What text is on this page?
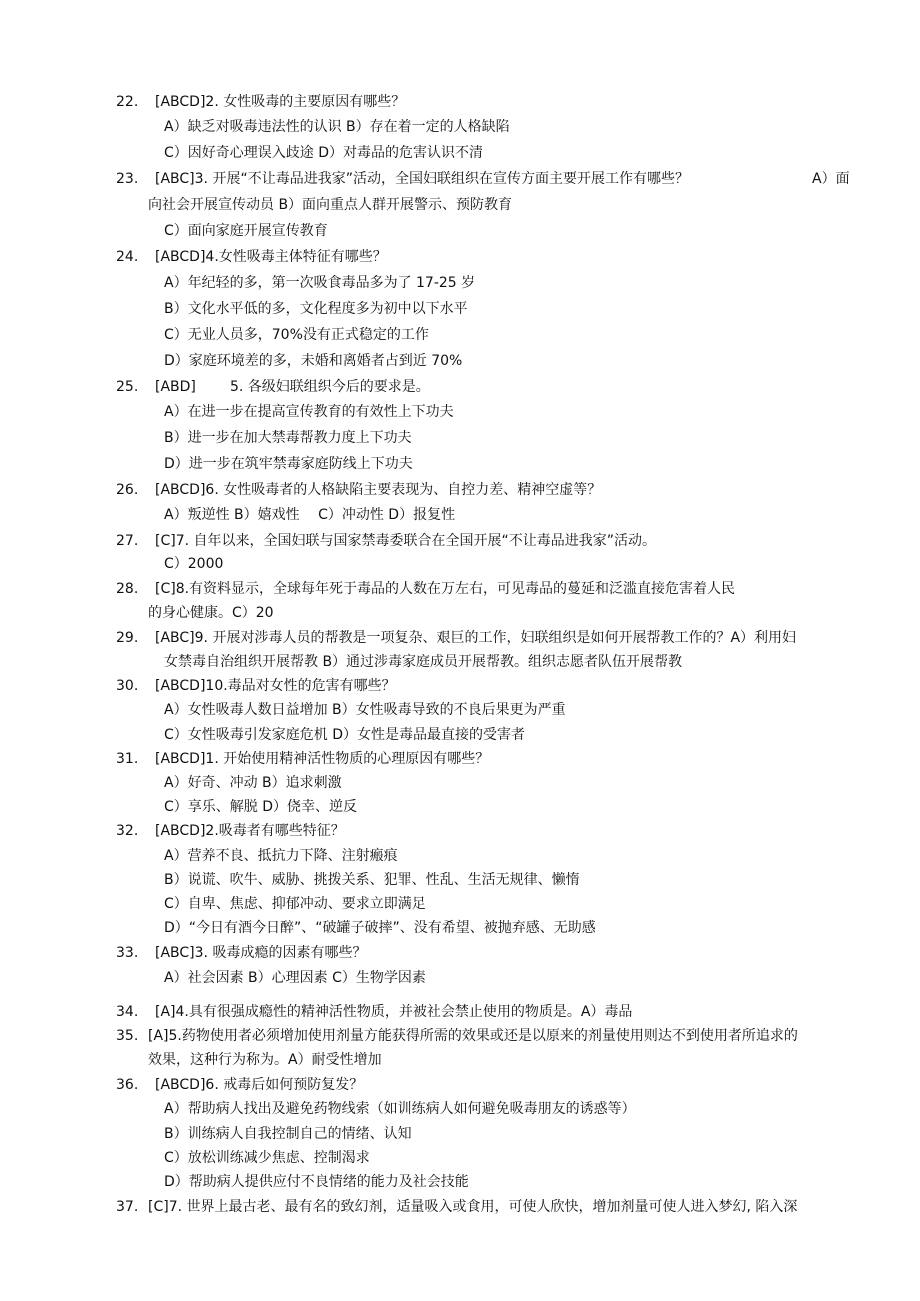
22.	[ABCD]2. 女性吸毒的主要原因有哪些？
A）缺乏对吸毒违法性的认识 B）存在着一定的人格缺陷
C）因好奇心理误入歧途 D）对毒品的危害认识不清
23.	[ABC]3. 开展“不让毒品进我家”活动，全国妇联组织在宣传方面主要开展工作有哪些？	A）面
向社会开展宣传动员 B）面向重点人群开展警示、预防教育
C）面向家庭开展宣传教育
24.	[ABCD]4.女性吸毒主体特征有哪些？
A）年纪轻的多，第一次吸食毒品多为了 17-25 岁
B）文化水平低的多，文化程度多为初中以下水平
C）无业人员多，70%没有正式稳定的工作
D）家庭环境差的多，未婚和离婚者占到近 70%
25.	[ABD] 5. 各级妇联组织今后的要求是。
A）在进一步在提高宣传教育的有效性上下功夫
B）进一步在加大禁毒帮教力度上下功夫
D）进一步在筑牢禁毒家庭防线上下功夫
26.	[ABCD]6. 女性吸毒者的人格缺陷主要表现为、自控力差、精神空虚等？
A）叛逆性 B）嬉戏性 　C）冲动性 D）报复性
27.	[C]7. 自年以来，全国妇联与国家禁毒委联合在全国开展“不让毒品进我家”活动。
C）2000
28.	[C]8.有资料显示，全球每年死于毒品的人数在万左右，可见毒品的蔓延和泛滥直接危害着人民
的身心健康。C）20
29.	[ABC]9. 开展对涉毒人员的帮教是一项复杂、艰巨的工作，妇联组织是如何开展帮教工作的？A）利用妇
女禁毒自治组织开展帮教 B）通过涉毒家庭成员开展帮教。组织志愿者队伍开展帮教
30.	[ABCD]10.毒品对女性的危害有哪些？
A）女性吸毒人数日益增加 B）女性吸毒导致的不良后果更为严重
C）女性吸毒引发家庭危机 D）女性是毒品最直接的受害者
31.	[ABCD]1. 开始使用精神活性物质的心理原因有哪些？
A）好奇、冲动 B）追求刺激
C）享乐、解脱 D）侥幸、逆反
32.	[ABCD]2.吸毒者有哪些特征？
A）营养不良、抵抗力下降、注射瘢痕
B）说谎、吹牛、威胁、挑拨关系、犯罪、性乱、生活无规律、懒惰
C）自卑、焦虑、抑郁冲动、要求立即满足
D）“今日有酒今日醉”、“破罐子破摔”、没有希望、被抛弃感、无助感
33.	[ABC]3. 吸毒成瘾的因素有哪些？
A）社会因素 B）心理因素 C）生物学因素
34.	[A]4.具有很强成瘾性的精神活性物质，并被社会禁止使用的物质是。A）毒品
35. [A]5.药物使用者必须增加使用剂量方能获得所需的效果或还是以原来的剂量使用则达不到使用者所追求的
效果，这种行为称为。A）耐受性增加
36.	[ABCD]6. 戒毒后如何预防复发？
A）帮助病人找出及避免药物线索（如训练病人如何避免吸毒朋友的诱惑等）
B）训练病人自我控制自己的情绪、认知
C）放松训练减少焦虑、控制渴求
D）帮助病人提供应付不良情绪的能力及社会技能
37. [C]7. 世界上最古老、最有名的致幻剂，适量吸入或食用，可使人欣快，增加剂量可使人进入梦幻, 陷入深
